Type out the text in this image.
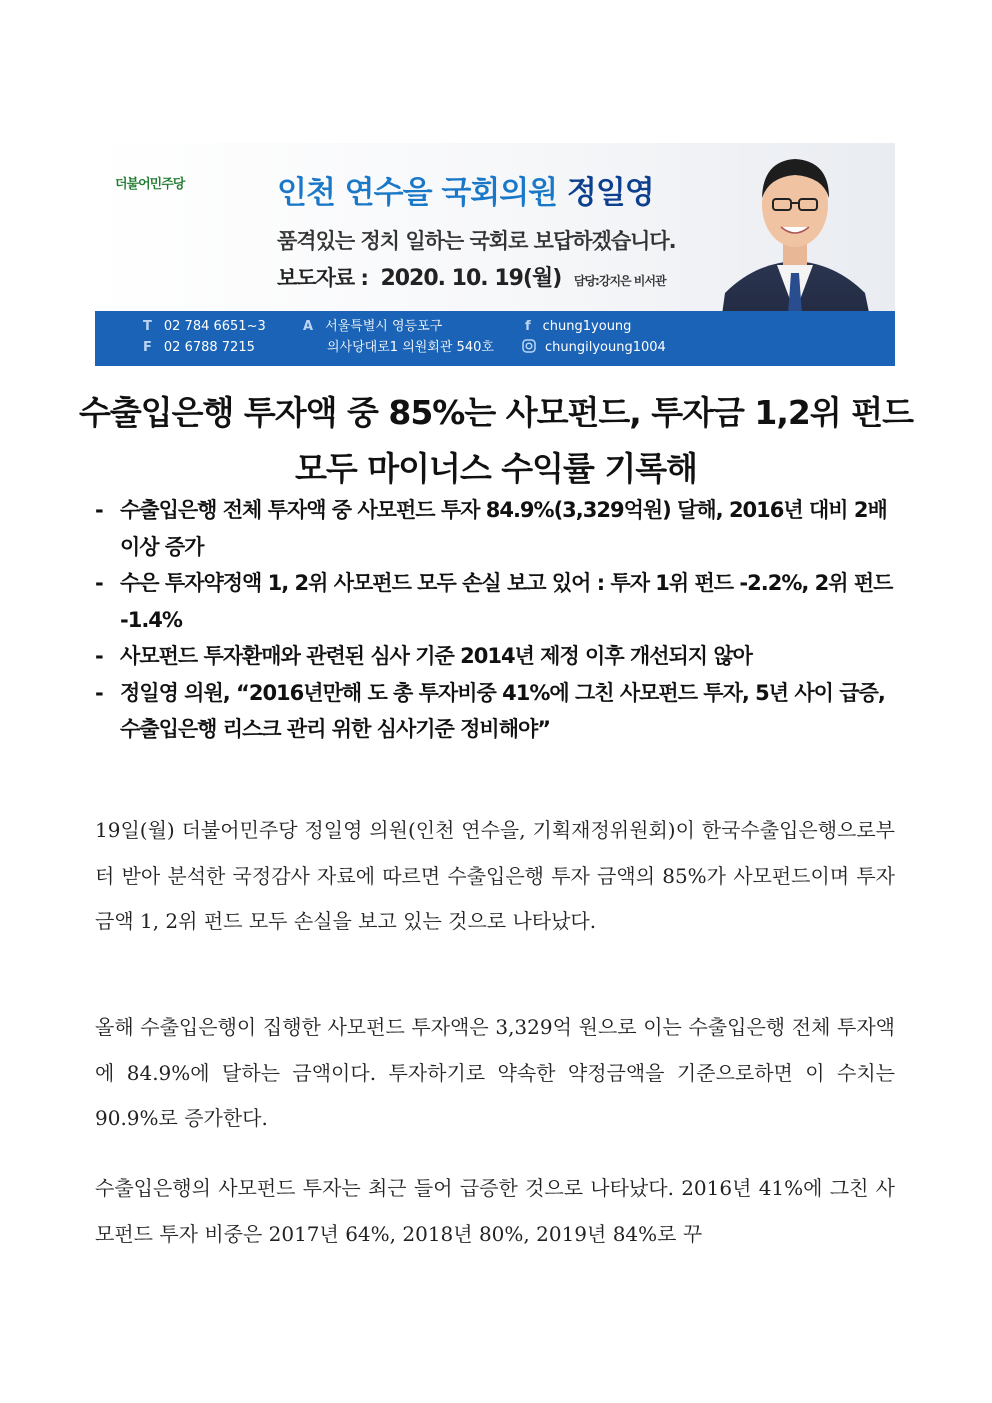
더불어민주당	인천 연수을 국회의원 정일영
품격있는 정치 일하는 국회로 보답하겠습니다.
보도자료 : 2020. 10. 19(월) 담당:강지은 비서관
T 02 784 6651~3
F 02 6788 7215
A 서울특별시 영등포구
의사당대로1 의원회관 540호
f chung1young
chungilyoung1004
수출입은행 투자액 중 85%는 사모펀드, 투자금 1,2위 펀드
모두 마이너스 수익률 기록해
- 수출입은행 전체 투자액 중 사모펀드 투자 84.9%(3,329억원) 달해, 2016년 대비 2배 이상 증가
- 수은 투자약정액 1, 2위 사모펀드 모두 손실 보고 있어 : 투자 1위 펀드 -2.2%, 2위 펀드 -1.4%
- 사모펀드 투자환매와 관련된 심사 기준 2014년 제정 이후 개선되지 않아
- 정일영 의원, “2016년만해 도 총 투자비중 41%에 그친 사모펀드 투자, 5년 사이 급증, 수출입은행 리스크 관리 위한 심사기준 정비해야”

19일(월) 더불어민주당 정일영 의원(인천 연수을, 기획재정위원회)이 한국수출입은행으로부터 받아 분석한 국정감사 자료에 따르면 수출입은행 투자 금액의 85%가 사모펀드이며 투자금액 1, 2위 펀드 모두 손실을 보고 있는 것으로 나타났다.

올해 수출입은행이 집행한 사모펀드 투자액은 3,329억 원으로 이는 수출입은행 전체 투자액에 84.9%에 달하는 금액이다. 투자하기로 약속한 약정금액을 기준으로하면 이 수치는 90.9%로 증가한다.

수출입은행의 사모펀드 투자는 최근 들어 급증한 것으로 나타났다. 2016년 41%에 그친 사모펀드 투자 비중은 2017년 64%, 2018년 80%, 2019년 84%로 꾸
